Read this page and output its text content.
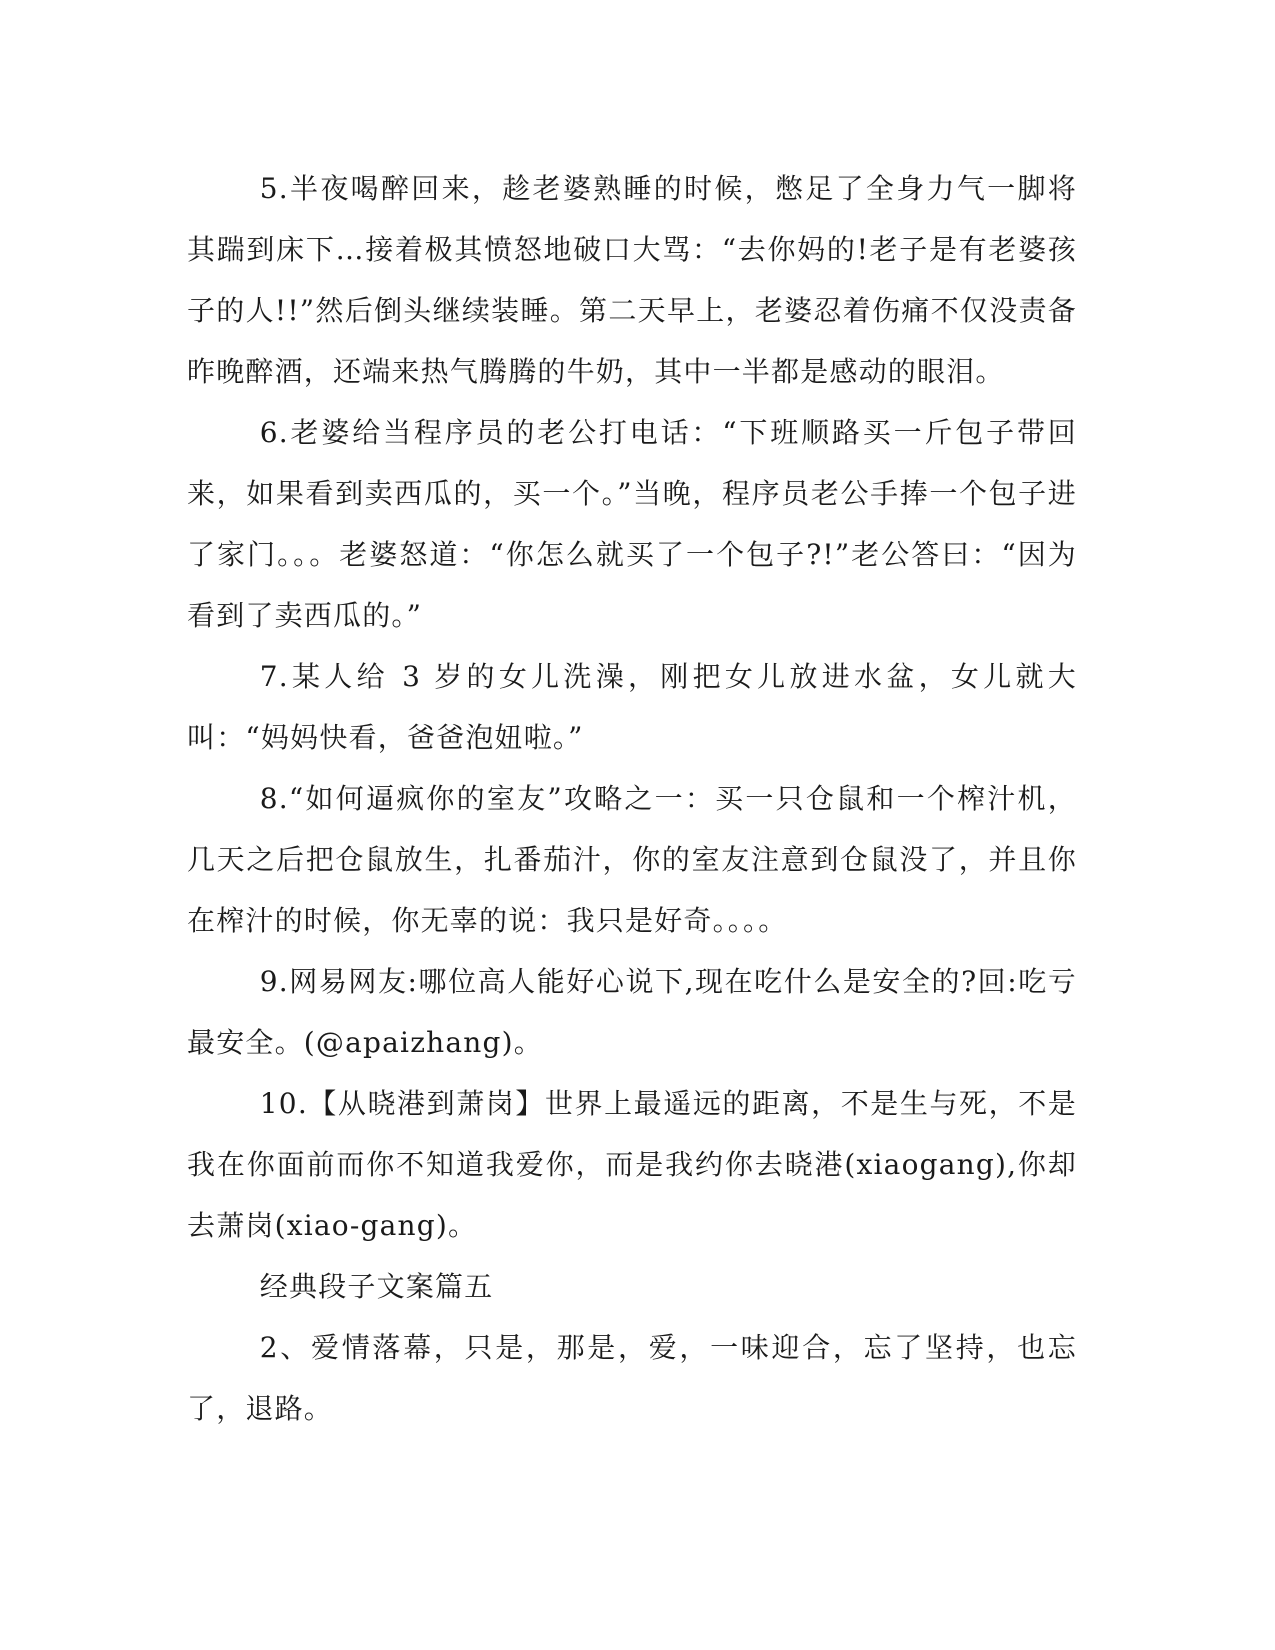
5.半夜喝醉回来，趁老婆熟睡的时候，憋足了全身力气一脚将其踹到床下…接着极其愤怒地破口大骂：“去你妈的!老子是有老婆孩子的人!!”然后倒头继续装睡。第二天早上，老婆忍着伤痛不仅没责备昨晚醉酒，还端来热气腾腾的牛奶，其中一半都是感动的眼泪。

6.老婆给当程序员的老公打电话：“下班顺路买一斤包子带回来，如果看到卖西瓜的，买一个。”当晚，程序员老公手捧一个包子进了家门。。。老婆怒道：“你怎么就买了一个包子?!”老公答曰：“因为看到了卖西瓜的。”

7.某人给 3 岁的女儿洗澡，刚把女儿放进水盆，女儿就大叫：“妈妈快看，爸爸泡妞啦。”

8.“如何逼疯你的室友”攻略之一：买一只仓鼠和一个榨汁机，几天之后把仓鼠放生，扎番茄汁，你的室友注意到仓鼠没了，并且你在榨汁的时候，你无辜的说：我只是好奇。。。。

9.网易网友:哪位高人能好心说下,现在吃什么是安全的?回:吃亏最安全。(@apaizhang)。

10.【从晓港到萧岗】世界上最遥远的距离，不是生与死，不是我在你面前而你不知道我爱你，而是我约你去晓港(xiaogang),你却去萧岗(xiao-gang)。

经典段子文案篇五

2、爱情落幕，只是，那是，爱，一味迎合，忘了坚持，也忘了，退路。
